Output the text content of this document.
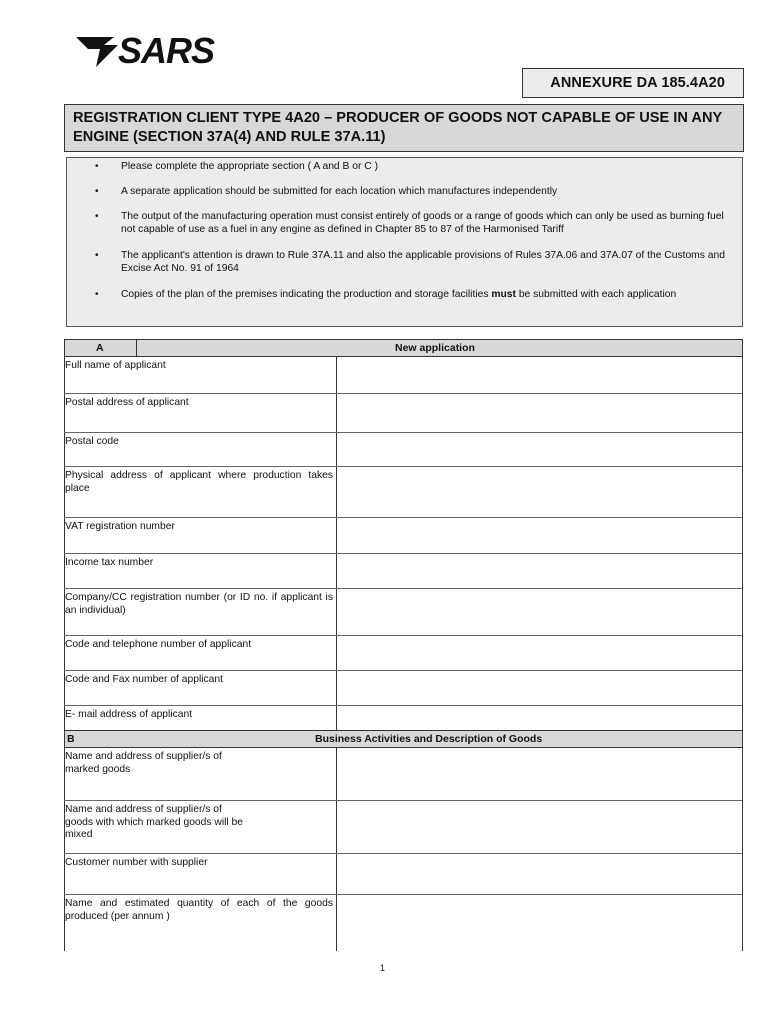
SARS
ANNEXURE DA 185.4A20
REGISTRATION CLIENT TYPE 4A20 – PRODUCER OF GOODS NOT CAPABLE OF USE IN ANY ENGINE (SECTION 37A(4) AND RULE 37A.11)
• Please complete the appropriate section ( A and B or C )
• A separate application should be submitted for each location which manufactures independently
• The output of the manufacturing operation must consist entirely of goods or a range of goods which can only be used as burning fuel not capable of use as a fuel in any engine as defined in Chapter 85 to 87 of the Harmonised Tariff
• The applicant's attention is drawn to Rule 37A.11 and also the applicable provisions of Rules 37A.06 and 37A.07 of the Customs and Excise Act No. 91 of 1964
• Copies of the plan of the premises indicating the production and storage facilities must be submitted with each application
A	New application
Full name of applicant
Postal address of applicant
Postal code
Physical address of applicant where production takes place
VAT registration number
Income tax number
Company/CC registration number (or ID no. if applicant is an individual)
Code and telephone number of applicant
Code and Fax number of applicant
E- mail address of applicant
B	Business Activities and Description of Goods
Name and address of supplier/s of marked goods
Name and address of supplier/s of goods with which marked goods will be mixed
Customer number with supplier
Name and estimated quantity of each of the goods produced (per annum )
1
